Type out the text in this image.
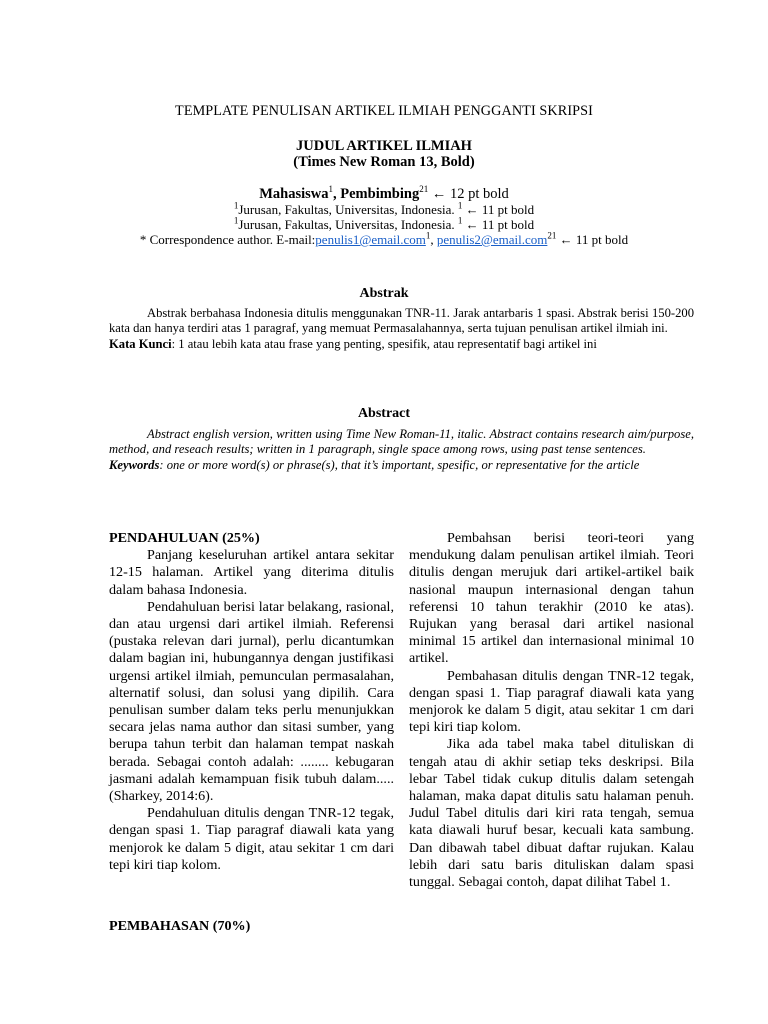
TEMPLATE PENULISAN ARTIKEL ILMIAH PENGGANTI SKRIPSI
JUDUL ARTIKEL ILMIAH
(Times New Roman 13, Bold)
Mahasiswa$^1$, Pembimbing$^{21}$ ← 12 pt bold
$^1$Jurusan, Fakultas, Universitas, Indonesia. $^1$ ← 11 pt bold
$^1$Jurusan, Fakultas, Universitas, Indonesia. $^1$ ← 11 pt bold
* Correspondence author. E-mail:penulis1@email.com$^1$, penulis2@email.com$^{21}$ ← 11 pt bold
Abstrak
Abstrak berbahasa Indonesia ditulis menggunakan TNR-11. Jarak antarbaris 1 spasi. Abstrak berisi 150-200 kata dan hanya terdiri atas 1 paragraf, yang memuat Permasalahannya, serta tujuan penulisan artikel ilmiah ini.
Kata Kunci: 1 atau lebih kata atau frase yang penting, spesifik, atau representatif bagi artikel ini
Abstract
Abstract english version, written using Time New Roman-11, italic. Abstract contains research aim/purpose, method, and reseach results; written in 1 paragraph, single space among rows, using past tense sentences.
Keywords: one or more word(s) or phrase(s), that it’s important, spesific, or representative for the article

PENDAHULUAN (25%)

Panjang keseluruhan artikel antara sekitar 12-15 halaman. Artikel yang diterima ditulis dalam bahasa Indonesia.

Pendahuluan berisi latar belakang, rasional, dan atau urgensi dari artikel ilmiah. Referensi (pustaka relevan dari jurnal), perlu dicantumkan dalam bagian ini, hubungannya dengan justifikasi urgensi artikel ilmiah, pemunculan permasalahan, alternatif solusi, dan solusi yang dipilih. Cara penulisan sumber dalam teks perlu menunjukkan secara jelas nama author dan sitasi sumber, yang berupa tahun terbit dan halaman tempat naskah berada. Sebagai contoh adalah: ........ kebugaran jasmani adalah kemampuan fisik tubuh dalam..... (Sharkey, 2014:6).

Pendahuluan ditulis dengan TNR-12 tegak, dengan spasi 1. Tiap paragraf diawali kata yang menjorok ke dalam 5 digit, atau sekitar 1 cm dari tepi kiri tiap kolom.

PEMBAHASAN (70%)

Pembahsan berisi teori-teori yang mendukung dalam penulisan artikel ilmiah. Teori ditulis dengan merujuk dari artikel-artikel baik nasional maupun internasional dengan tahun referensi 10 tahun terakhir (2010 ke atas). Rujukan yang berasal dari artikel nasional minimal 15 artikel dan internasional minimal 10 artikel.

Pembahasan ditulis dengan TNR-12 tegak, dengan spasi 1. Tiap paragraf diawali kata yang menjorok ke dalam 5 digit, atau sekitar 1 cm dari tepi kiri tiap kolom.

Jika ada tabel maka tabel dituliskan di tengah atau di akhir setiap teks deskripsi. Bila lebar Tabel tidak cukup ditulis dalam setengah halaman, maka dapat ditulis satu halaman penuh. Judul Tabel ditulis dari kiri rata tengah, semua kata diawali huruf besar, kecuali kata sambung. Dan dibawah tabel dibuat daftar rujukan. Kalau lebih dari satu baris dituliskan dalam spasi tunggal. Sebagai contoh, dapat dilihat Tabel 1.
